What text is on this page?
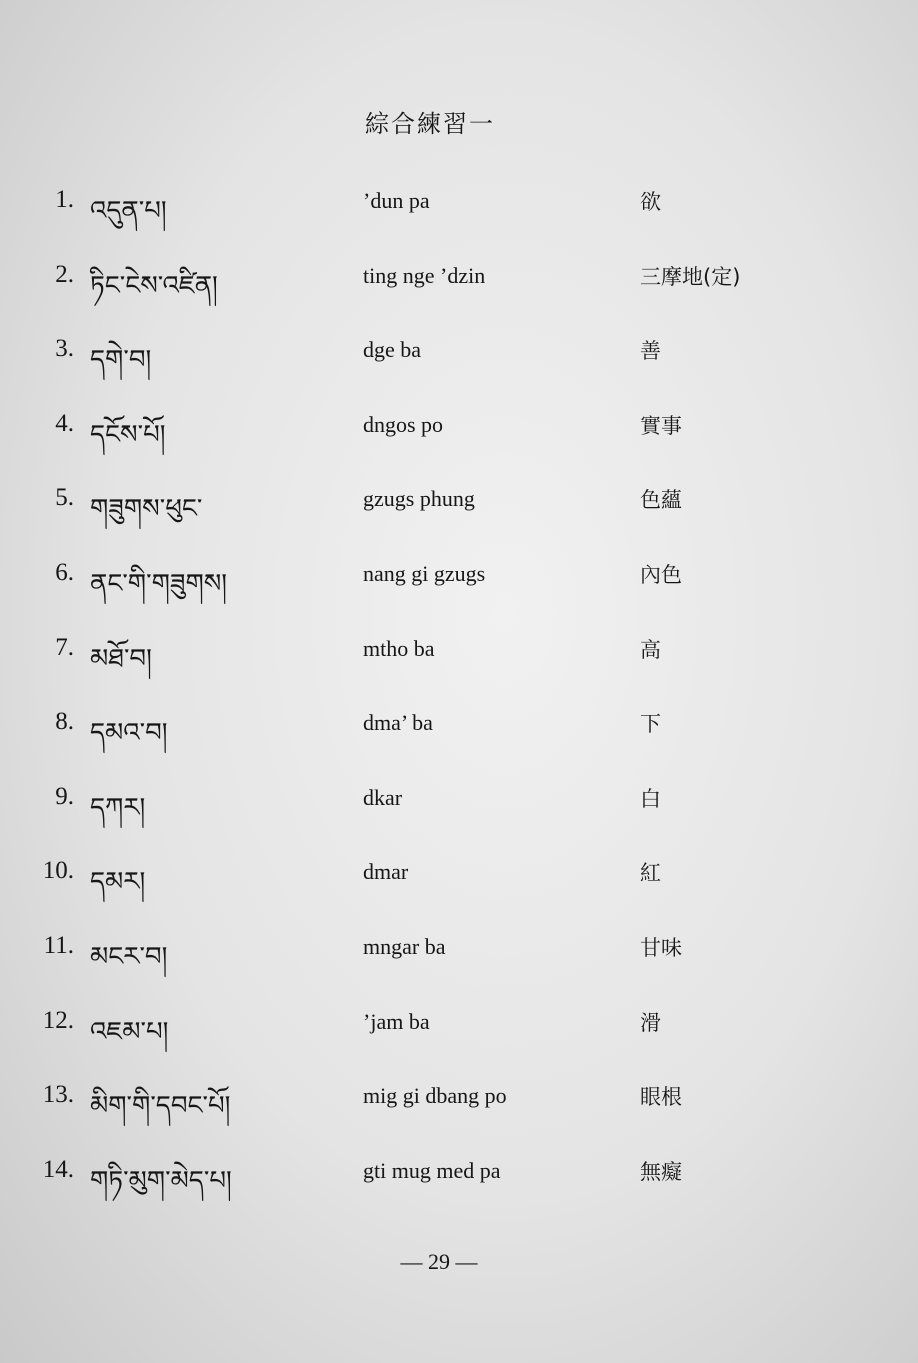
綜合練習一
1. འདུན་པ།	’dun pa	欲
2. ཏིང་ངེས་འཛིན།	ting nge ’dzin	三摩地(定)
3. དགེ་བ།	dge ba	善
4. དངོས་པོ།	dngos po	實事
5. གཟུགས་ཕུང་	gzugs phung	色蘊
6. ནང་གི་གཟུགས།	nang gi gzugs	內色
7. མཐོ་བ།	mtho ba	高
8. དམའ་བ།	dma’ ba	下
9. དཀར།	dkar	白
10. དམར།	dmar	紅
11. མངར་བ།	mngar ba	甘味
12. འཇམ་པ།	’jam ba	滑
13. མིག་གི་དབང་པོ།	mig gi dbang po	眼根
14. གཏི་མུག་མེད་པ།	gti mug med pa	無癡
— 29 —
